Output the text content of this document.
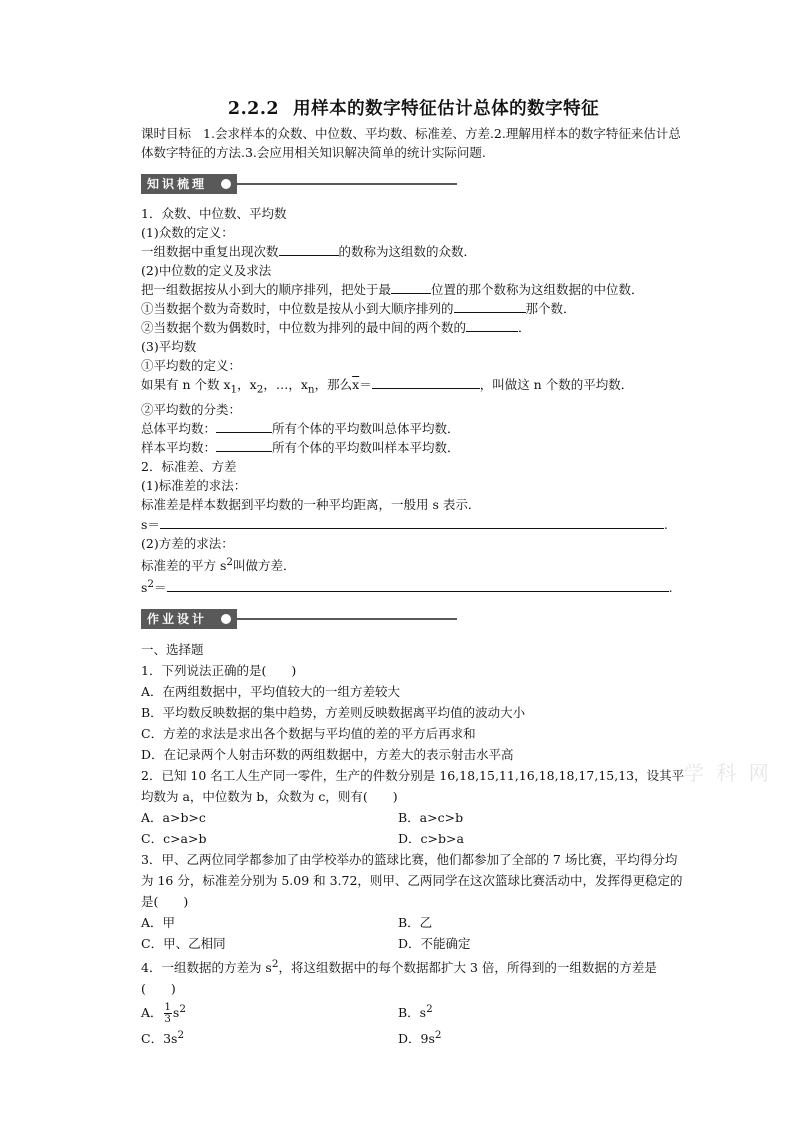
2.2.2 用样本的数字特征估计总体的数字特征

课时目标 1.会求样本的众数、中位数、平均数、标准差、方差.2.理解用样本的数字特征来估计总体数字特征的方法.3.会应用相关知识解决简单的统计实际问题.

知识梳理

1．众数、中位数、平均数

(1)众数的定义：

一组数据中重复出现次数	的数称为这组数的众数．

(2)中位数的定义及求法

把一组数据按从小到大的顺序排列，把处于最	位置的那个数称为这组数据的中位数．

①当数据个数为奇数时，中位数是按从小到大顺序排列的	那个数．

②当数据个数为偶数时，中位数为排列的最中间的两个数的	．

(3)平均数

①平均数的定义：

如果有 n 个数 $x_1$，$x_2$，…，$x_n$，那么$\overline{x}=$	，叫做这 n 个数的平均数．

②平均数的分类：

总体平均数：	所有个体的平均数叫总体平均数．

样本平均数：	所有个体的平均数叫样本平均数．

2．标准差、方差

(1)标准差的求法：

标准差是样本数据到平均数的一种平均距离，一般用 s 表示．

s＝	.

(2)方差的求法：

标准差的平方 $s^2$叫做方差．

$s^2=$	.

作业设计

一、选择题

1．下列说法正确的是(　　)

A．在两组数据中，平均值较大的一组方差较大

B．平均数反映数据的集中趋势，方差则反映数据离平均值的波动大小

C．方差的求法是求出各个数据与平均值的差的平方后再求和

D．在记录两个人射击环数的两组数据中，方差大的表示射击水平高

2．已知 10 名工人生产同一零件，生产的件数分别是 16,18,15,11,16,18,18,17,15,13，设其平均数为 a，中位数为 b，众数为 c，则有(　　)

A．a>b>c	B．a>c>b
C．c>a>b	D．c>b>a

3．甲、乙两位同学都参加了由学校举办的篮球比赛，他们都参加了全部的 7 场比赛，平均得分均为 16 分，标准差分别为 5.09 和 3.72，则甲、乙两同学在这次篮球比赛活动中，发挥得更稳定的是(　　)

A．甲	B．乙
C．甲、乙相同	D．不能确定

4．一组数据的方差为 $s^2$，将这组数据中的每个数据都扩大 3 倍，所得到的一组数据的方差是(　　)

A． $\frac{1}{3} s^2$	B．$s^2$
C．$3s^2$	D．$9s^2$
学 科 网
